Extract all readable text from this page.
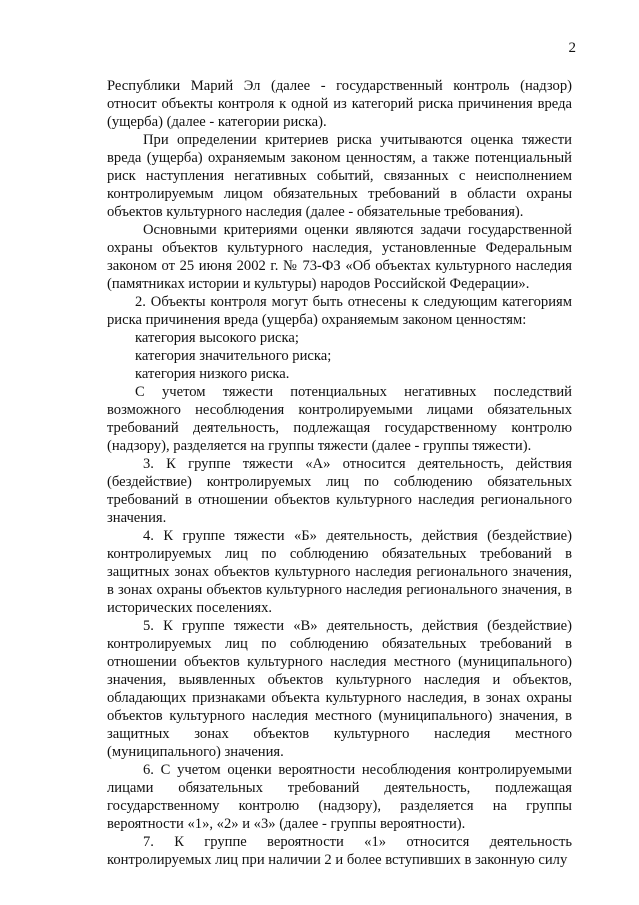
2

Республики Марий Эл (далее - государственный контроль (надзор) относит объекты контроля к одной из категорий риска причинения вреда (ущерба) (далее - категории риска).

При определении критериев риска учитываются оценка тяжести вреда (ущерба) охраняемым законом ценностям, а также потенциальный риск наступления негативных событий, связанных с неисполнением контролируемым лицом обязательных требований в области охраны объектов культурного наследия (далее - обязательные требования).

Основными критериями оценки являются задачи государственной охраны объектов культурного наследия, установленные Федеральным законом от 25 июня 2002 г. № 73-ФЗ «Об объектах культурного наследия (памятниках истории и культуры) народов Российской Федерации».

2. Объекты контроля могут быть отнесены к следующим категориям риска причинения вреда (ущерба) охраняемым законом ценностям:

категория высокого риска;

категория значительного риска;

категория низкого риска.

С учетом тяжести потенциальных негативных последствий возможного несоблюдения контролируемыми лицами обязательных требований деятельность, подлежащая государственному контролю (надзору), разделяется на группы тяжести (далее - группы тяжести).

3. К группе тяжести «А» относится деятельность, действия (бездействие) контролируемых лиц по соблюдению обязательных требований в отношении объектов культурного наследия регионального значения.

4. К группе тяжести «Б» деятельность, действия (бездействие) контролируемых лиц по соблюдению обязательных требований в защитных зонах объектов культурного наследия регионального значения, в зонах охраны объектов культурного наследия регионального значения, в исторических поселениях.

5. К группе тяжести «В» деятельность, действия (бездействие) контролируемых лиц по соблюдению обязательных требований в отношении объектов культурного наследия местного (муниципального) значения, выявленных объектов культурного наследия и объектов, обладающих признаками объекта культурного наследия, в зонах охраны объектов культурного наследия местного (муниципального) значения, в защитных зонах объектов культурного наследия местного (муниципального) значения.

6. С учетом оценки вероятности несоблюдения контролируемыми лицами обязательных требований деятельность, подлежащая государственному контролю (надзору), разделяется на группы вероятности «1», «2» и «3» (далее - группы вероятности).

7. К группе вероятности «1» относится деятельность контролируемых лиц при наличии 2 и более вступивших в законную силу
